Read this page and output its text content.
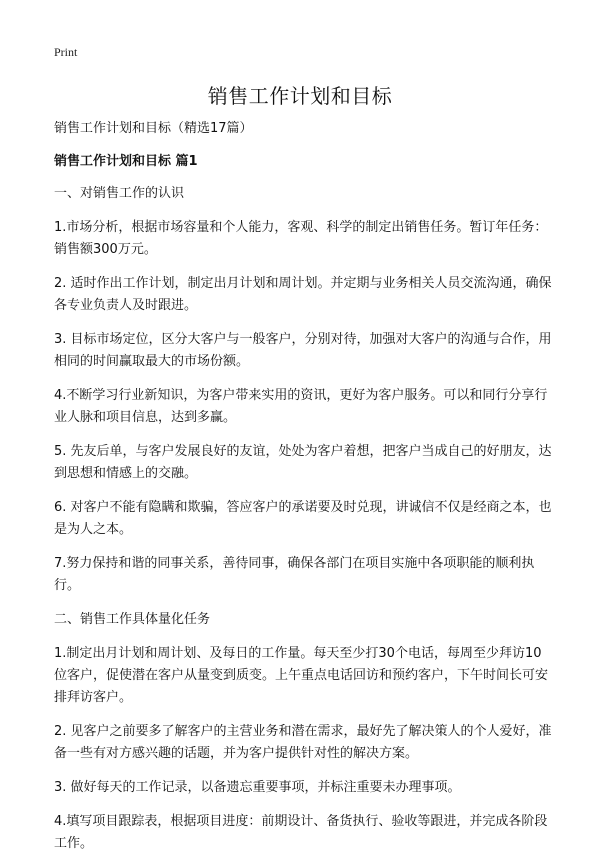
Print
销售工作计划和目标

销售工作计划和目标（精选17篇）

销售工作计划和目标 篇1

一、对销售工作的认识

1.市场分析，根据市场容量和个人能力，客观、科学的制定出销售任务。暂订年任务：销售额300万元。

2. 适时作出工作计划，制定出月计划和周计划。并定期与业务相关人员交流沟通，确保各专业负责人及时跟进。

3. 目标市场定位，区分大客户与一般客户，分别对待，加强对大客户的沟通与合作，用相同的时间赢取最大的市场份额。

4.不断学习行业新知识，为客户带来实用的资讯，更好为客户服务。可以和同行分享行业人脉和项目信息，达到多赢。

5. 先友后单，与客户发展良好的友谊，处处为客户着想，把客户当成自己的好朋友，达到思想和情感上的交融。

6. 对客户不能有隐瞒和欺骗，答应客户的承诺要及时兑现，讲诚信不仅是经商之本，也是为人之本。

7.努力保持和谐的同事关系，善待同事，确保各部门在项目实施中各项职能的顺利执行。

二、销售工作具体量化任务

1.制定出月计划和周计划、及每日的工作量。每天至少打30个电话，每周至少拜访10位客户，促使潜在客户从量变到质变。上午重点电话回访和预约客户，下午时间长可安排拜访客户。

2. 见客户之前要多了解客户的主营业务和潜在需求，最好先了解决策人的个人爱好，准备一些有对方感兴趣的话题，并为客户提供针对性的解决方案。

3. 做好每天的工作记录，以备遗忘重要事项，并标注重要未办理事项。

4.填写项目跟踪表，根据项目进度：前期设计、备货执行、验收等跟进，并完成各阶段工作。
